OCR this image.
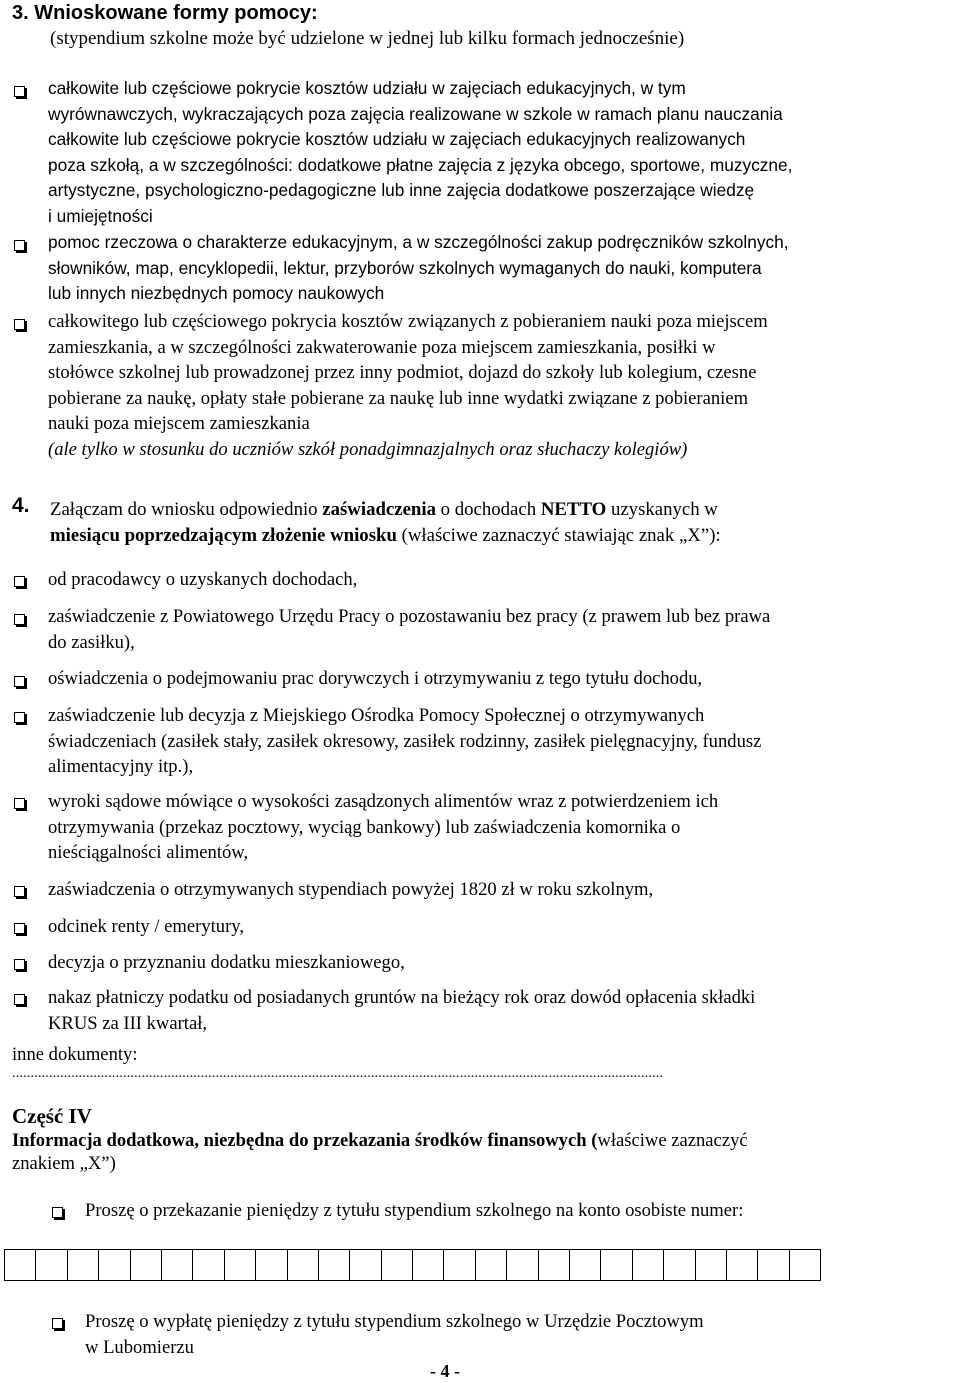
3. Wnioskowane formy pomocy:
(stypendium szkolne może być udzielone w jednej lub kilku formach jednocześnie)
całkowite lub częściowe pokrycie kosztów udziału w zajęciach edukacyjnych, w tym
wyrównawczych, wykraczających poza zajęcia realizowane w szkole w ramach planu nauczania
całkowite lub częściowe pokrycie kosztów udziału w zajęciach edukacyjnych realizowanych
poza szkołą, a w szczególności: dodatkowe płatne zajęcia z języka obcego, sportowe, muzyczne,
artystyczne, psychologiczno-pedagogiczne lub inne zajęcia dodatkowe poszerzające wiedzę
i umiejętności
pomoc rzeczowa o charakterze edukacyjnym, a w szczególności zakup podręczników szkolnych,
słowników, map, encyklopedii, lektur, przyborów szkolnych wymaganych do nauki, komputera
lub innych niezbędnych pomocy naukowych
całkowitego lub częściowego pokrycia kosztów związanych z pobieraniem nauki poza miejscem
zamieszkania, a w szczególności zakwaterowanie poza miejscem zamieszkania, posiłki w
stołówce szkolnej lub prowadzonej przez inny podmiot, dojazd do szkoły lub kolegium, czesne
pobierane za naukę, opłaty stałe pobierane za naukę lub inne wydatki związane z pobieraniem
nauki poza miejscem zamieszkania
(ale tylko w stosunku do uczniów szkół ponadgimnazjalnych oraz słuchaczy kolegiów)
4. Załączam do wniosku odpowiednio zaświadczenia o dochodach NETTO uzyskanych w
miesiącu poprzedzającym złożenie wniosku (właściwe zaznaczyć stawiając znak „X”):
od pracodawcy o uzyskanych dochodach,
zaświadczenie z Powiatowego Urzędu Pracy o pozostawaniu bez pracy (z prawem lub bez prawa
do zasiłku),
oświadczenia o podejmowaniu prac dorywczych i otrzymywaniu z tego tytułu dochodu,
zaświadczenie lub decyzja z Miejskiego Ośrodka Pomocy Społecznej o otrzymywanych
świadczeniach (zasiłek stały, zasiłek okresowy, zasiłek rodzinny, zasiłek pielęgnacyjny, fundusz
alimentacyjny itp.),
wyroki sądowe mówiące o wysokości zasądzonych alimentów wraz z potwierdzeniem ich
otrzymywania (przekaz pocztowy, wyciąg bankowy) lub zaświadczenia komornika o
nieściągalności alimentów,
zaświadczenia o otrzymywanych stypendiach powyżej 1820 zł w roku szkolnym,
odcinek renty / emerytury,
decyzja o przyznaniu dodatku mieszkaniowego,
nakaz płatniczy podatku od posiadanych gruntów na bieżący rok oraz dowód opłacenia składki
KRUS za III kwartał,
inne dokumenty:
................................................................................................................................................................................
Część IV
Informacja dodatkowa, niezbędna do przekazania środków finansowych (właściwe zaznaczyć
znakiem „X”)
Proszę o przekazanie pieniędzy z tytułu stypendium szkolnego na konto osobiste numer:

Proszę o wypłatę pieniędzy z tytułu stypendium szkolnego w Urzędzie Pocztowym
w Lubomierzu
- 4 -
